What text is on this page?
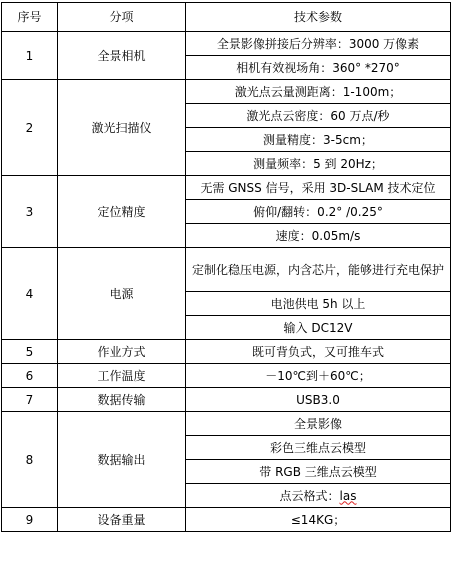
序号	分项	技术参数
1	全景相机	全景影像拼接后分辨率：3000 万像素
		相机有效视场角：360° *270°
2	激光扫描仪	激光点云量测距离：1-100m；
		激光点云密度：60 万点/秒
		测量精度：3-5cm；
		测量频率：5 到 20Hz；
3	定位精度	无需 GNSS 信号，采用 3D-SLAM 技术定位
		俯仰/翻转：0.2° /0.25°
		速度：0.05m/s
4	电源	定制化稳压电源，内含芯片，能够进行充电保护
		电池供电 5h 以上
		输入 DC12V
5	作业方式	既可背负式，又可推车式
6	工作温度	－10℃到＋60℃；
7	数据传输	USB3.0
8	数据输出	全景影像
		彩色三维点云模型
		带 RGB 三维点云模型
		点云格式：las
9	设备重量	≤14KG；
